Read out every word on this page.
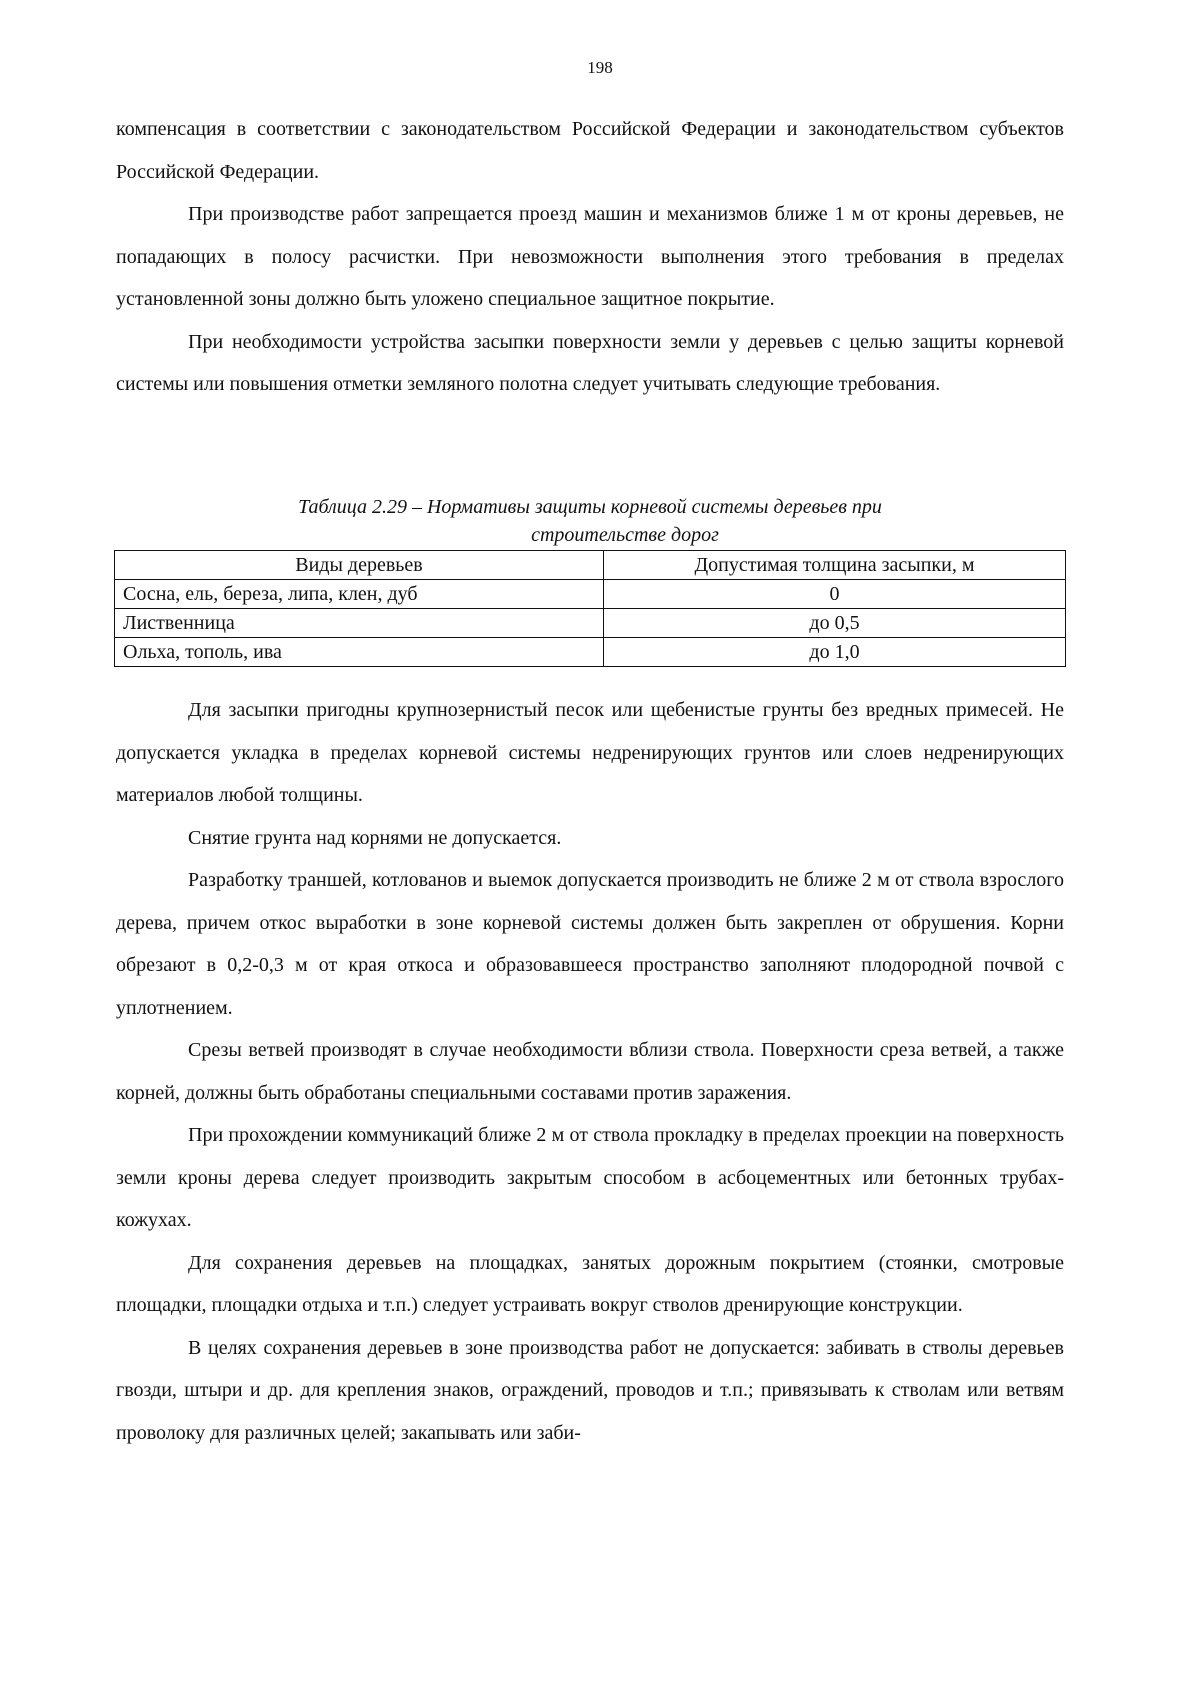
198

компенсация в соответствии с законодательством Российской Федерации и законодательством субъектов Российской Федерации.

При производстве работ запрещается проезд машин и механизмов ближе 1 м от кроны деревьев, не попадающих в полосу расчистки. При невозможности выполнения этого требования в пределах установленной зоны должно быть уложено специальное защитное покрытие.

При необходимости устройства засыпки поверхности земли у деревьев с целью защиты корневой системы или повышения отметки земляного полотна следует учитывать следующие требования.

Таблица 2.29 – Нормативы защиты корневой системы деревьев при
строительстве дорог
Виды деревьев	Допустимая толщина засыпки, м
Сосна, ель, береза, липа, клен, дуб	0
Лиственница	до 0,5
Ольха, тополь, ива	до 1,0

Для засыпки пригодны крупнозернистый песок или щебенистые грунты без вредных примесей. Не допускается укладка в пределах корневой системы недренирующих грунтов или слоев недренирующих материалов любой толщины.

Снятие грунта над корнями не допускается.

Разработку траншей, котлованов и выемок допускается производить не ближе 2 м от ствола взрослого дерева, причем откос выработки в зоне корневой системы должен быть закреплен от обрушения. Корни обрезают в 0,2-0,3 м от края откоса и образовавшееся пространство заполняют плодородной почвой с уплотнением.

Срезы ветвей производят в случае необходимости вблизи ствола. Поверхности среза ветвей, а также корней, должны быть обработаны специальными составами против заражения.

При прохождении коммуникаций ближе 2 м от ствола прокладку в пределах проекции на поверхность земли кроны дерева следует производить закрытым способом в асбоцементных или бетонных трубах-кожухах.

Для сохранения деревьев на площадках, занятых дорожным покрытием (стоянки, смотровые площадки, площадки отдыха и т.п.) следует устраивать вокруг стволов дренирующие конструкции.

В целях сохранения деревьев в зоне производства работ не допускается: забивать в стволы деревьев гвозди, штыри и др. для крепления знаков, ограждений, проводов и т.п.; привязывать к стволам или ветвям проволоку для различных целей; закапывать или заби-
